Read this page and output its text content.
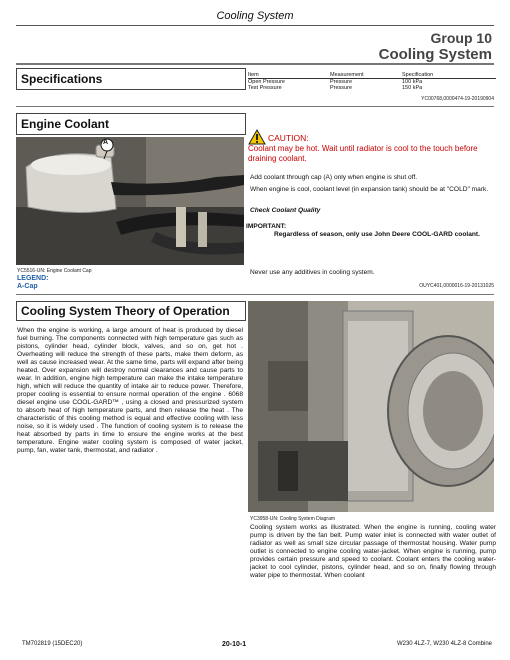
Cooling System
Group 10
Cooling System
Specifications	Item	Measurement	Specification
Open Pressure	Pressure	100 kPa
Test Pressure	Pressure	150 kPa
YC00768,0000474-19-20190904
Engine Coolant
A
YC5516-UN: Engine Coolant Cap
LEGEND:
A-Cap
CAUTION:
Coolant may be hot. Wait until radiator is cool to the touch before draining coolant.
Add coolant through cap (A) only when engine is shut off.
When engine is cool, coolant level (in expansion tank) should be at "COLD" mark.
Check Coolant Quality
IMPORTANT:
Regardless of season, only use John Deere COOL-GARD coolant.
Never use any additives in cooling system.
OUYC401,0000016-19-20131025
Cooling System Theory of Operation
When the engine is working, a large amount of heat is produced by diesel fuel burning. The components connected with high temperature gas such as pistons, cylinder head, cylinder block, valves, and so on, get hot . Overheating will reduce the strength of these parts, make them deform, as well as cause increased wear. At the same time, parts will expand after being heated. Over expansion will destroy normal clearances and cause parts to wear. In addition, engine high temperature can make the intake temperature high, which will reduce the quantity of intake air to reduce power. Therefore, proper cooling is essential to ensure normal operation of the engine . 6068 diesel engine use COOL-GARD™ , using a closed and pressurized system to absorb heat of high temperature parts, and then release the heat . The characteristic of this cooling method is equal and effective cooling with less noise, so it is widely used . The function of cooling system is to release the heat absorbed by parts in time to ensure the engine works at the best temperature. Engine water cooling system is composed of water jacket, pump, fan, water tank, thermostat, and radiator .
YC3958-UN: Cooling System Diagram
Cooling system works as illustrated. When the engine is running, cooling water pump is driven by the fan belt. Pump water inlet is connected with water outlet of radiator as well as small size circular passage of thermostat housing. Water pump outlet is connected to engine cooling water-jacket. When engine is running, pump provides certain pressure and speed to coolant. Coolant enters the cooling water-jacket to cool cylinder, pistons, cylinder head, and so on, finally flowing through water pipe to thermostat. When coolant
TM702819 (15DEC20)	20-10-1	W230 4LZ-7, W230 4LZ-8 Combine
